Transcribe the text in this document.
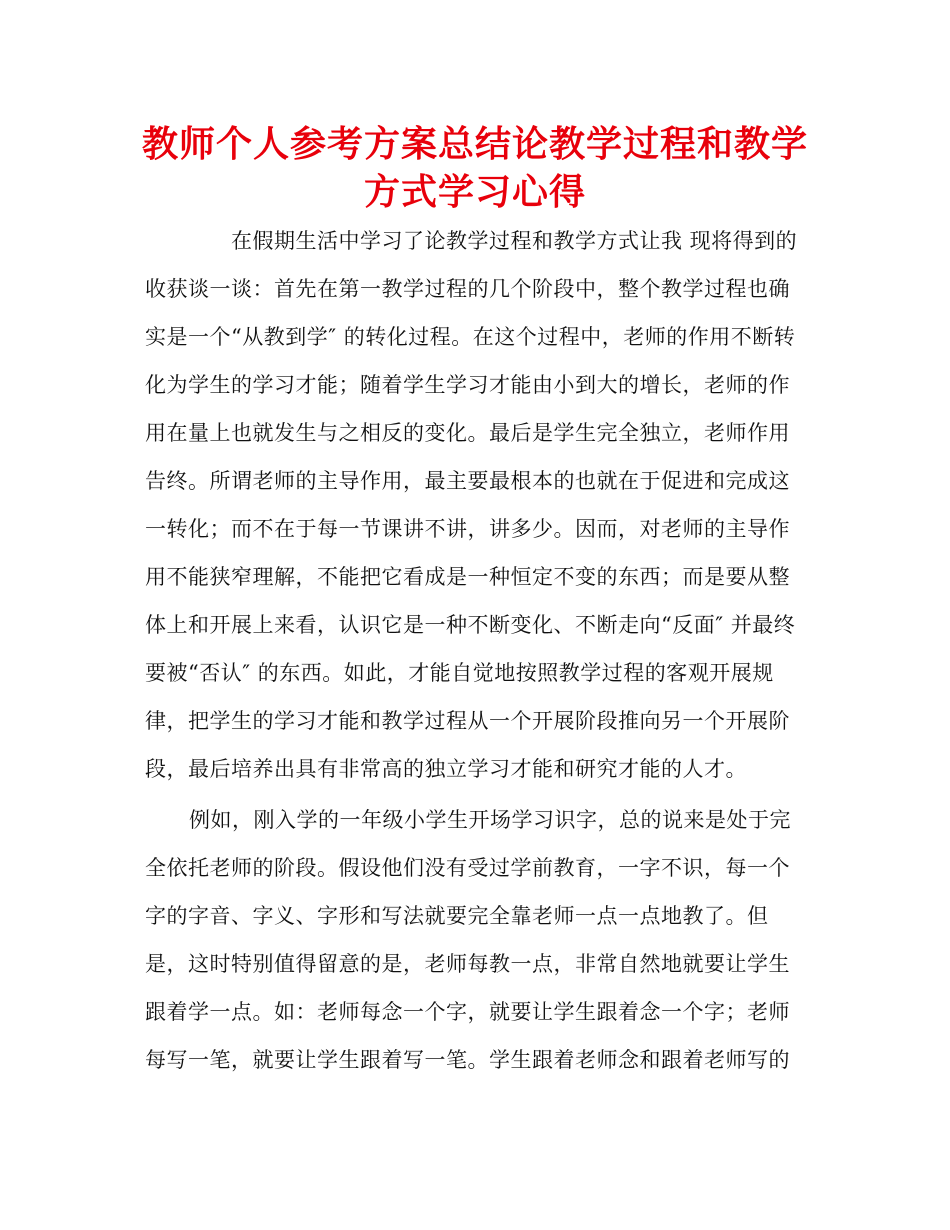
教师个人参考方案总结论教学过程和教学
方式学习心得

在假期生活中学习了论教学过程和教学方式让我 现将得到的

收获谈一谈：首先在第一教学过程的几个阶段中，整个教学过程也确

实是一个“从教到学″ 的转化过程。在这个过程中，老师的作用不断转

化为学生的学习才能；随着学生学习才能由小到大的增长，老师的作

用在量上也就发生与之相反的变化。最后是学生完全独立，老师作用

告终。所谓老师的主导作用，最主要最根本的也就在于促进和完成这

一转化；而不在于每一节课讲不讲，讲多少。因而，对老师的主导作

用不能狭窄理解，不能把它看成是一种恒定不变的东西；而是要从整

体上和开展上来看，认识它是一种不断变化、不断走向“反面″ 并最终

要被“否认″ 的东西。如此，才能自觉地按照教学过程的客观开展规

律，把学生的学习才能和教学过程从一个开展阶段推向另一个开展阶

段，最后培养出具有非常高的独立学习才能和研究才能的人才。

例如，刚入学的一年级小学生开场学习识字，总的说来是处于完

全依托老师的阶段。假设他们没有受过学前教育，一字不识，每一个

字的字音、字义、字形和写法就要完全靠老师一点一点地教了。但

是，这时特别值得留意的是，老师每教一点，非常自然地就要让学生

跟着学一点。如：老师每念一个字，就要让学生跟着念一个字；老师

每写一笔，就要让学生跟着写一笔。学生跟着老师念和跟着老师写的
